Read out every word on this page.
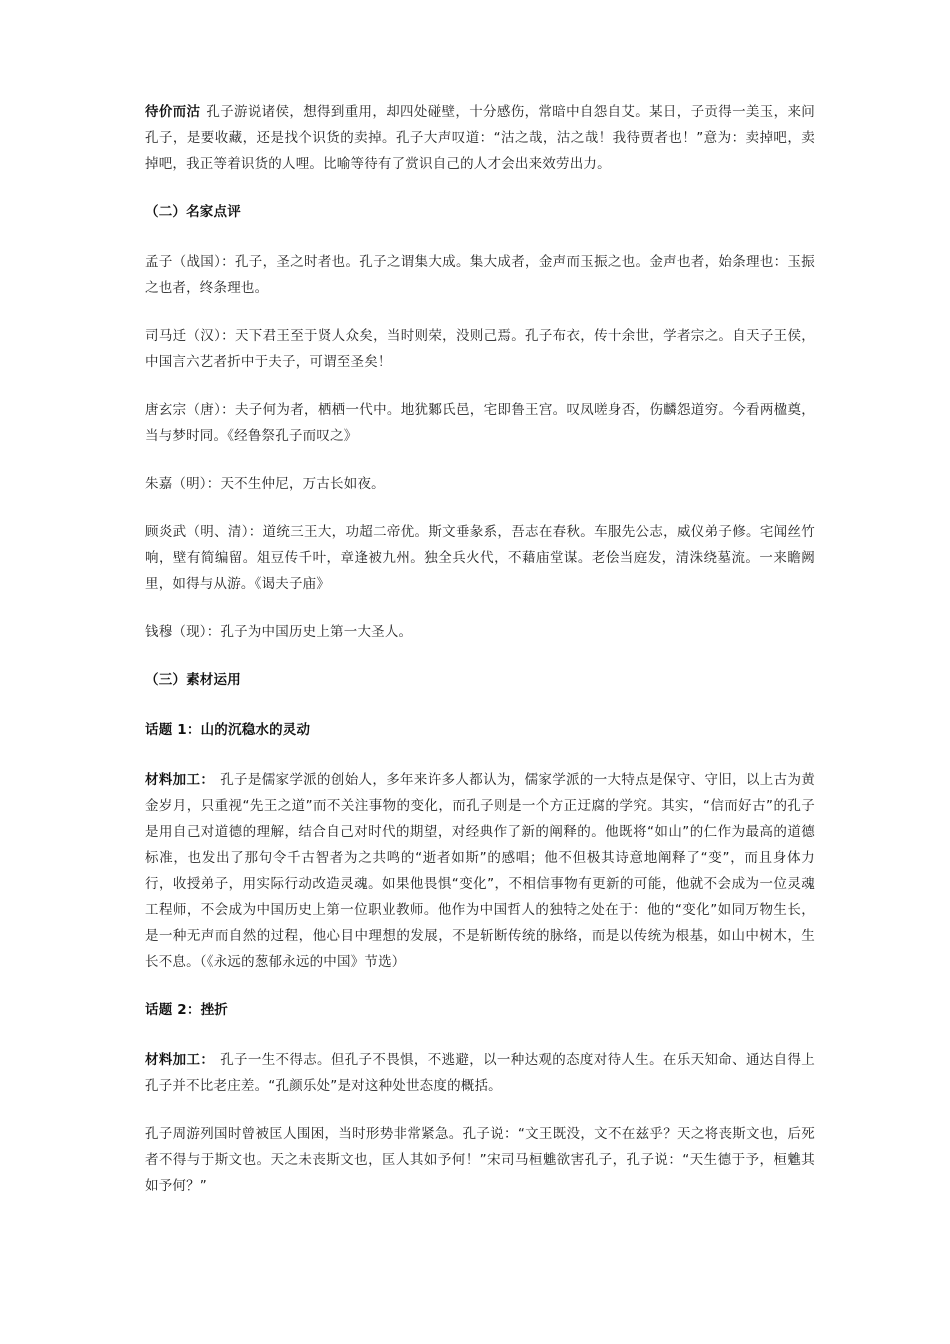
待价而沽 孔子游说诸侯，想得到重用，却四处碰壁，十分感伤，常暗中自怨自艾。某日，子贡得一美玉，来问孔子，是要收藏，还是找个识货的卖掉。孔子大声叹道：“沽之哉，沽之哉！我待贾者也！”意为：卖掉吧，卖掉吧，我正等着识货的人哩。比喻等待有了赏识自己的人才会出来效劳出力。

（二）名家点评

孟子（战国）：孔子，圣之时者也。孔子之谓集大成。集大成者，金声而玉振之也。金声也者，始条理也：玉振之也者，终条理也。

司马迁（汉）：天下君王至于贤人众矣，当时则荣，没则己焉。孔子布衣，传十余世，学者宗之。自天子王侯，中国言六艺者折中于夫子，可谓至圣矣！

唐玄宗（唐）：夫子何为者，栖栖一代中。地犹鄹氏邑，宅即鲁王宫。叹凤嗟身否，伤麟怨道穷。今看两楹奠，当与梦时同。《经鲁祭孔子而叹之》

朱嘉（明）：天不生仲尼，万古长如夜。

顾炎武（明、清）：道统三王大，功超二帝优。斯文垂彖系，吾志在春秋。车服先公志，威仪弟子修。宅闻丝竹响，壁有简编留。俎豆传千叶，章逢被九州。独全兵火代，不藉庙堂谋。老侩当庭发，清洙绕墓流。一来瞻阙里，如得与从游。《谒夫子庙》

钱穆（现）：孔子为中国历史上第一大圣人。

（三）素材运用

话题 1：山的沉稳水的灵动

材料加工： 孔子是儒家学派的创始人，多年来许多人都认为，儒家学派的一大特点是保守、守旧，以上古为黄金岁月，只重视“先王之道”而不关注事物的变化，而孔子则是一个方正迂腐的学究。其实，“信而好古”的孔子是用自己对道德的理解，结合自己对时代的期望，对经典作了新的阐释的。他既将“如山”的仁作为最高的道德标准，也发出了那句令千古智者为之共鸣的“逝者如斯”的感唱；他不但极其诗意地阐释了“变”，而且身体力行，收授弟子，用实际行动改造灵魂。如果他畏惧“变化”，不相信事物有更新的可能，他就不会成为一位灵魂工程师，不会成为中国历史上第一位职业教师。他作为中国哲人的独特之处在于：他的“变化”如同万物生长，是一种无声而自然的过程，他心目中理想的发展，不是斩断传统的脉络，而是以传统为根基，如山中树木，生长不息。（《永远的葱郁永远的中国》节选）

话题 2：挫折

材料加工： 孔子一生不得志。但孔子不畏惧，不逃避，以一种达观的态度对待人生。在乐天知命、通达自得上孔子并不比老庄差。“孔颜乐处”是对这种处世态度的概括。

孔子周游列国时曾被匡人围困，当时形势非常紧急。孔子说：“文王既没，文不在兹乎？天之将丧斯文也，后死者不得与于斯文也。天之未丧斯文也，匡人其如予何！”宋司马桓魋欲害孔子，孔子说：“天生德于予，桓魋其如予何？”
